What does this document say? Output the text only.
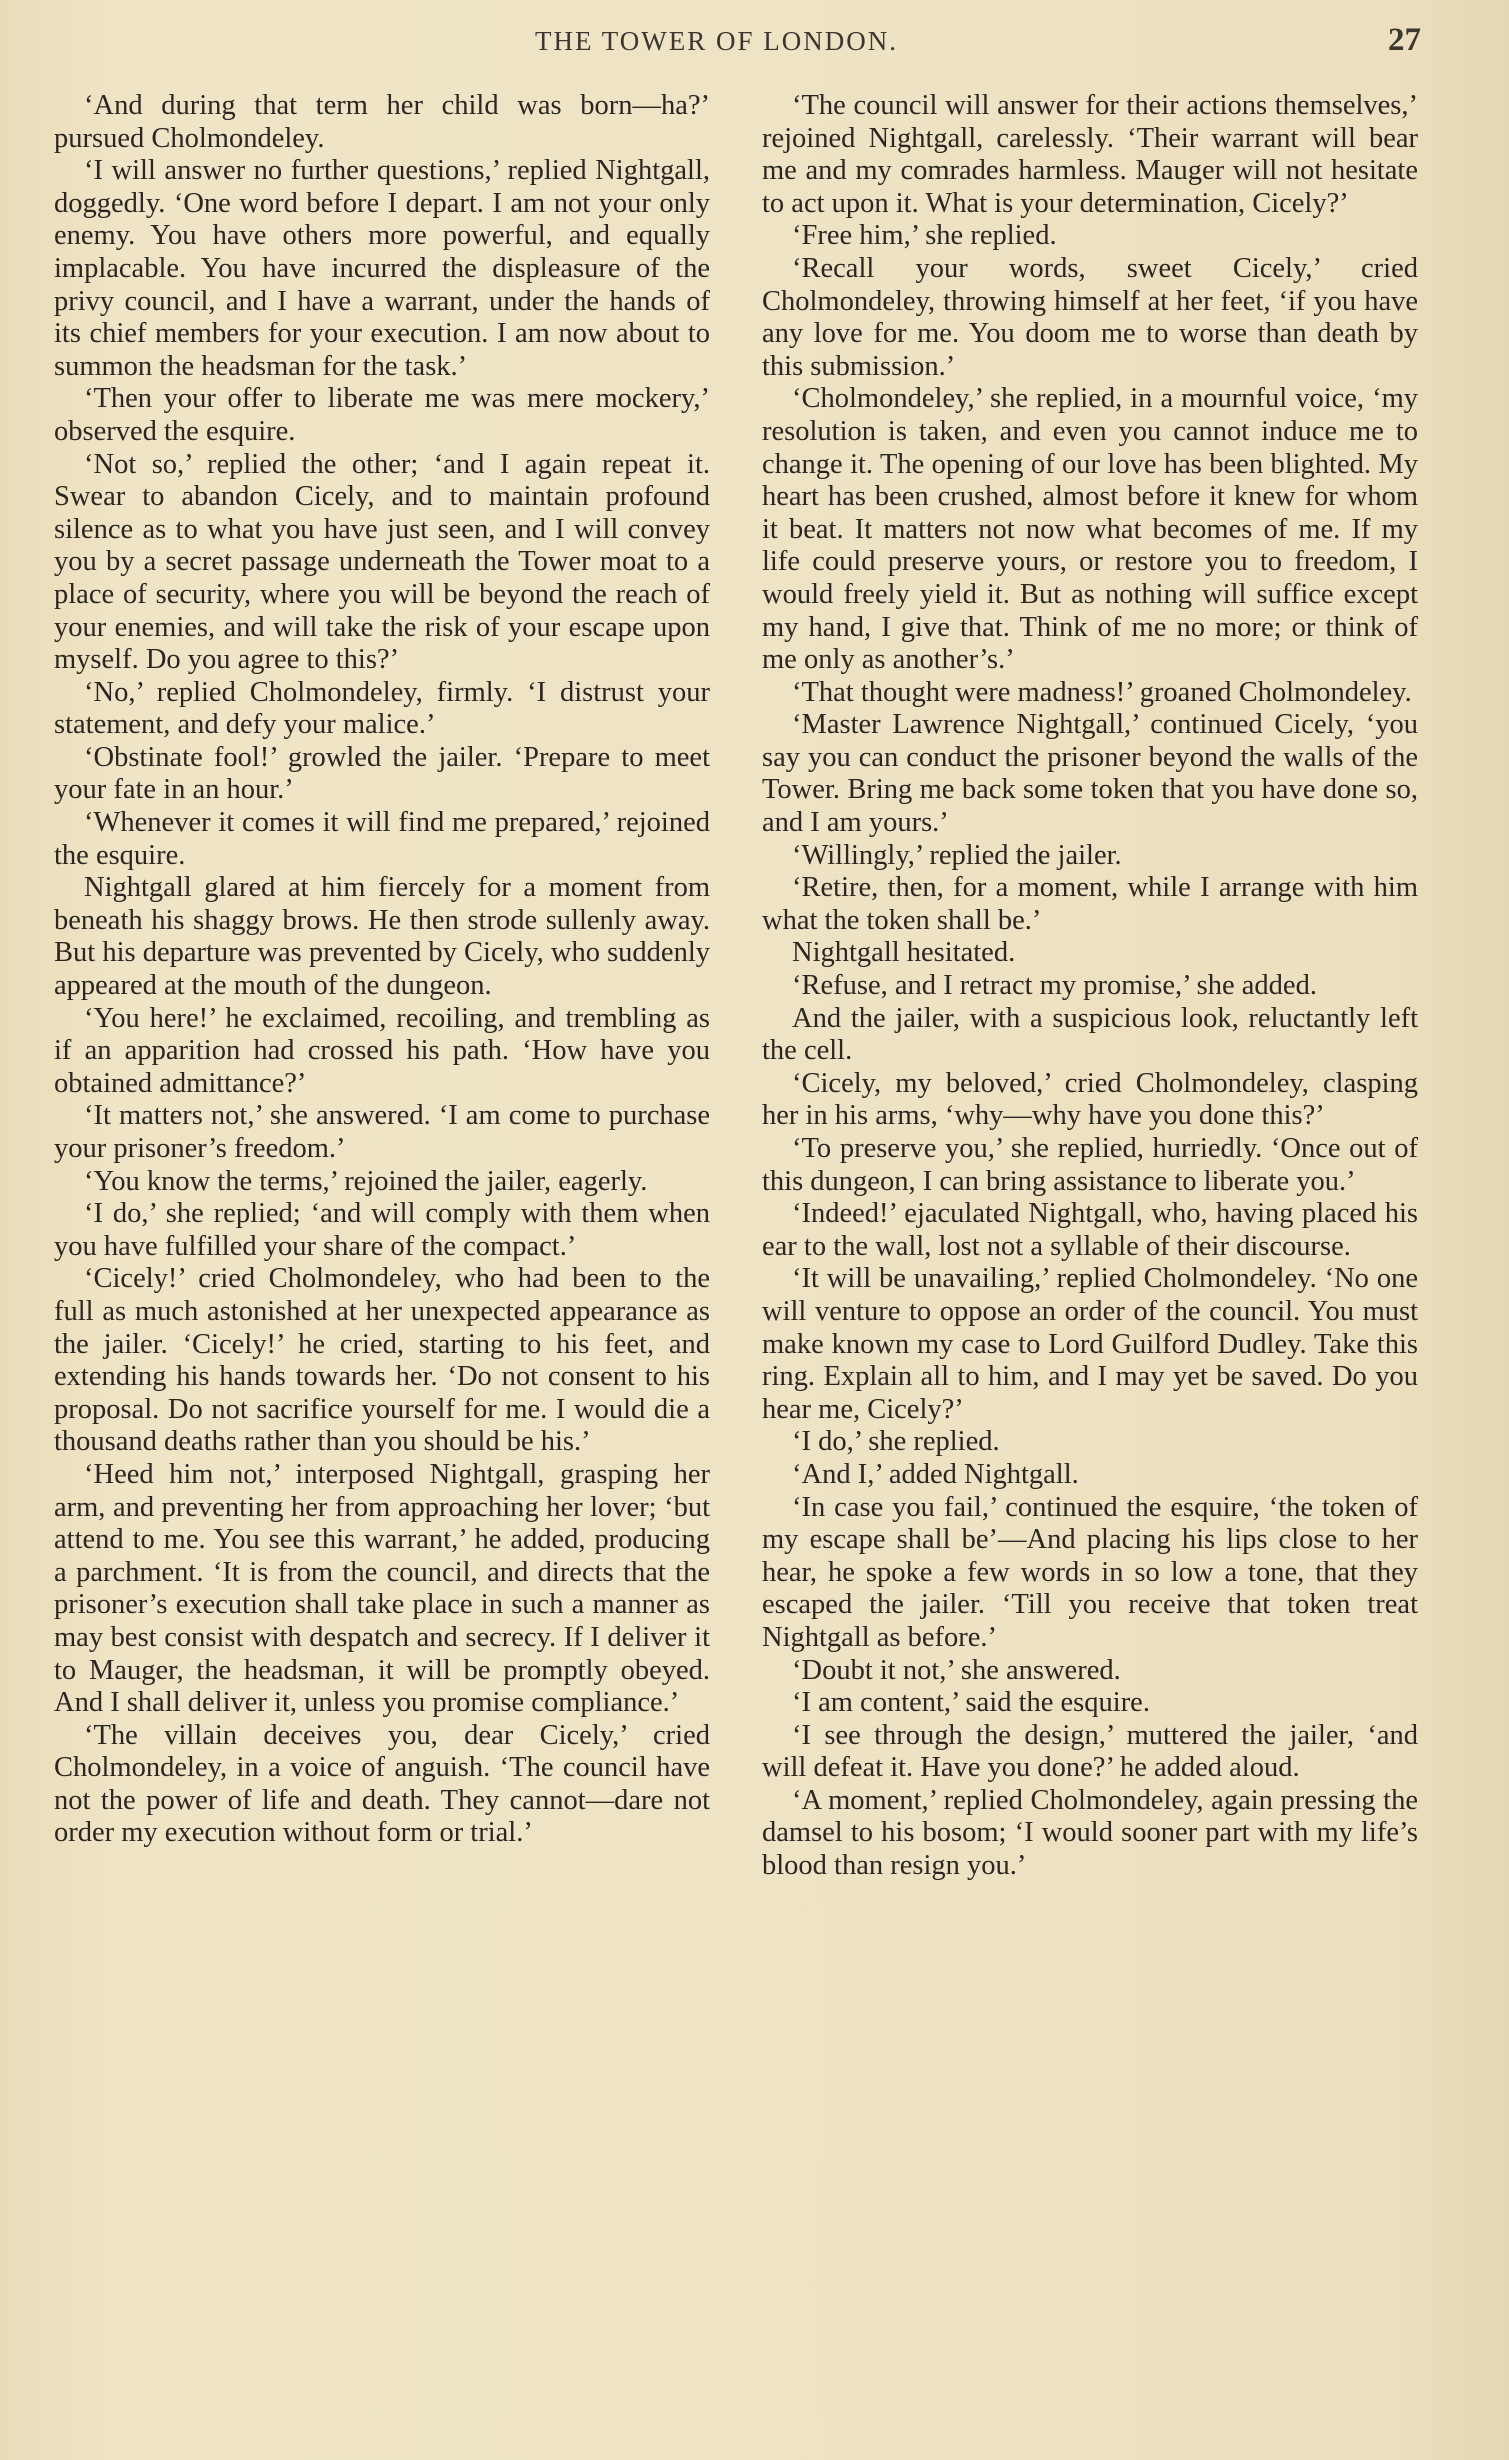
THE TOWER OF LONDON.	27

‘And during that term her child was born—ha?’ pursued Cholmondeley.

‘I will answer no further questions,’ replied Nightgall, doggedly. ‘One word before I depart. I am not your only enemy. You have others more powerful, and equally implacable. You have incurred the displeasure of the privy council, and I have a warrant, under the hands of its chief members for your execution. I am now about to summon the headsman for the task.’

‘Then your offer to liberate me was mere mockery,’ observed the esquire.

‘Not so,’ replied the other; ‘and I again repeat it. Swear to abandon Cicely, and to maintain profound silence as to what you have just seen, and I will convey you by a secret passage underneath the Tower moat to a place of security, where you will be beyond the reach of your enemies, and will take the risk of your escape upon myself. Do you agree to this?’

‘No,’ replied Cholmondeley, firmly. ‘I distrust your statement, and defy your malice.’

‘Obstinate fool!’ growled the jailer. ‘Prepare to meet your fate in an hour.’

‘Whenever it comes it will find me prepared,’ rejoined the esquire.

Nightgall glared at him fiercely for a moment from beneath his shaggy brows. He then strode sullenly away. But his departure was prevented by Cicely, who suddenly appeared at the mouth of the dungeon.

‘You here!’ he exclaimed, recoiling, and trembling as if an apparition had crossed his path. ‘How have you obtained admittance?’

‘It matters not,’ she answered. ‘I am come to purchase your prisoner’s freedom.’

‘You know the terms,’ rejoined the jailer, eagerly.

‘I do,’ she replied; ‘and will comply with them when you have fulfilled your share of the compact.’

‘Cicely!’ cried Cholmondeley, who had been to the full as much astonished at her unexpected appearance as the jailer. ‘Cicely!’ he cried, starting to his feet, and extending his hands towards her. ‘Do not consent to his proposal. Do not sacrifice yourself for me. I would die a thousand deaths rather than you should be his.’

‘Heed him not,’ interposed Nightgall, grasping her arm, and preventing her from approaching her lover; ‘but attend to me. You see this warrant,’ he added, producing a parchment. ‘It is from the council, and directs that the prisoner’s execution shall take place in such a manner as may best consist with despatch and secrecy. If I deliver it to Mauger, the headsman, it will be promptly obeyed. And I shall deliver it, unless you promise compliance.’

‘The villain deceives you, dear Cicely,’ cried Cholmondeley, in a voice of anguish. ‘The council have not the power of life and death. They cannot—dare not order my execution without form or trial.’

‘The council will answer for their actions themselves,’ rejoined Nightgall, carelessly. ‘Their warrant will bear me and my comrades harmless. Mauger will not hesitate to act upon it. What is your determination, Cicely?’

‘Free him,’ she replied.

‘Recall your words, sweet Cicely,’ cried Cholmondeley, throwing himself at her feet, ‘if you have any love for me. You doom me to worse than death by this submission.’

‘Cholmondeley,’ she replied, in a mournful voice, ‘my resolution is taken, and even you cannot induce me to change it. The opening of our love has been blighted. My heart has been crushed, almost before it knew for whom it beat. It matters not now what becomes of me. If my life could preserve yours, or restore you to freedom, I would freely yield it. But as nothing will suffice except my hand, I give that. Think of me no more; or think of me only as another’s.’

‘That thought were madness!’ groaned Cholmondeley.

‘Master Lawrence Nightgall,’ continued Cicely, ‘you say you can conduct the prisoner beyond the walls of the Tower. Bring me back some token that you have done so, and I am yours.’

‘Willingly,’ replied the jailer.

‘Retire, then, for a moment, while I arrange with him what the token shall be.’

Nightgall hesitated.

‘Refuse, and I retract my promise,’ she added.

And the jailer, with a suspicious look, reluctantly left the cell.

‘Cicely, my beloved,’ cried Cholmondeley, clasping her in his arms, ‘why—why have you done this?’

‘To preserve you,’ she replied, hurriedly. ‘Once out of this dungeon, I can bring assistance to liberate you.’

‘Indeed!’ ejaculated Nightgall, who, having placed his ear to the wall, lost not a syllable of their discourse.

‘It will be unavailing,’ replied Cholmondeley. ‘No one will venture to oppose an order of the council. You must make known my case to Lord Guilford Dudley. Take this ring. Explain all to him, and I may yet be saved. Do you hear me, Cicely?’

‘I do,’ she replied.

‘And I,’ added Nightgall.

‘In case you fail,’ continued the esquire, ‘the token of my escape shall be’—And placing his lips close to her hear, he spoke a few words in so low a tone, that they escaped the jailer. ‘Till you receive that token treat Nightgall as before.’

‘Doubt it not,’ she answered.

‘I am content,’ said the esquire.

‘I see through the design,’ muttered the jailer, ‘and will defeat it. Have you done?’ he added aloud.

‘A moment,’ replied Cholmondeley, again pressing the damsel to his bosom; ‘I would sooner part with my life’s blood than resign you.’
